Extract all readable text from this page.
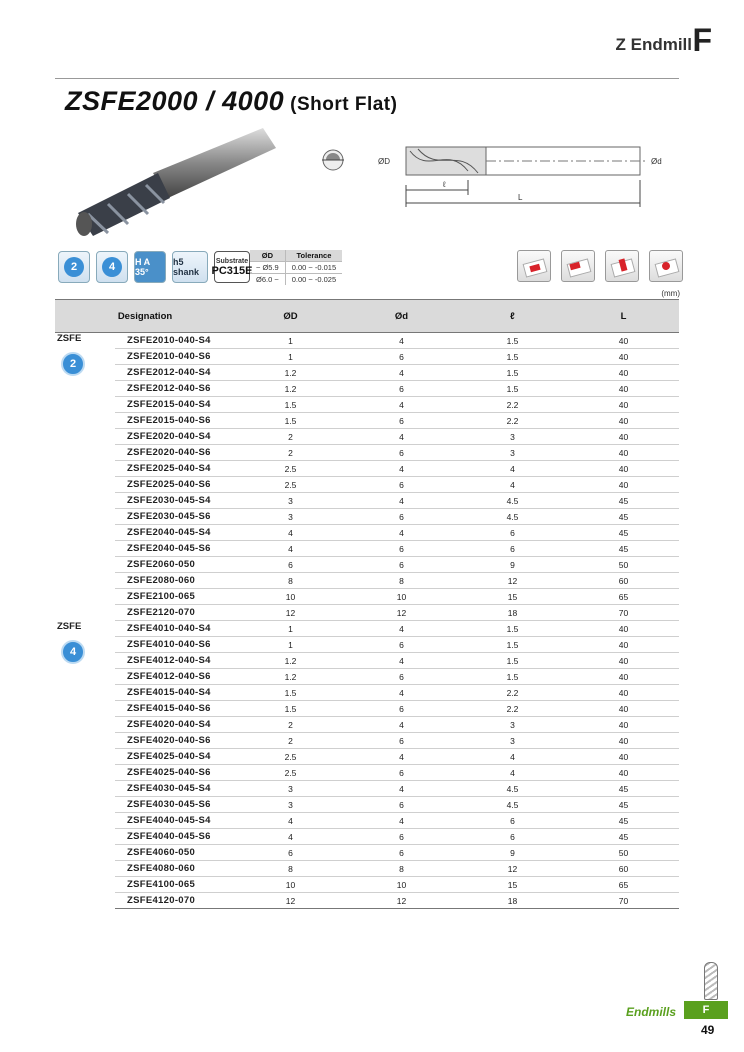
Z Endmill F
ZSFE2000 / 4000 (Short Flat)
ØD	Ød
ℓ
L
2	4	H A 35°
h5 shank
Substrate
PC315E
ØD	Tolerance
~ Ø5.9	0.00 ~ -0.015
Ø6.0 ~	0.00 ~ -0.025
(mm)
Designation		ØD	Ød	ℓ	L

ZSFE
2	ZSFE2010-040-S4	1	4	1.5	40
	ZSFE2010-040-S6	1	6	1.5	40
	ZSFE2012-040-S4	1.2	4	1.5	40
	ZSFE2012-040-S6	1.2	6	1.5	40
	ZSFE2015-040-S4	1.5	4	2.2	40
	ZSFE2015-040-S6	1.5	6	2.2	40
	ZSFE2020-040-S4	2	4	3	40
	ZSFE2020-040-S6	2	6	3	40
	ZSFE2025-040-S4	2.5	4	4	40
	ZSFE2025-040-S6	2.5	6	4	40
	ZSFE2030-045-S4	3	4	4.5	45
	ZSFE2030-045-S6	3	6	4.5	45
	ZSFE2040-045-S4	4	4	6	45
	ZSFE2040-045-S6	4	6	6	45
	ZSFE2060-050	6	6	9	50
	ZSFE2080-060	8	8	12	60
	ZSFE2100-065	10	10	15	65
	ZSFE2120-070	12	12	18	70

ZSFE
4	ZSFE4010-040-S4	1	4	1.5	40
	ZSFE4010-040-S6	1	6	1.5	40
	ZSFE4012-040-S4	1.2	4	1.5	40
	ZSFE4012-040-S6	1.2	6	1.5	40
	ZSFE4015-040-S4	1.5	4	2.2	40
	ZSFE4015-040-S6	1.5	6	2.2	40
	ZSFE4020-040-S4	2	4	3	40
	ZSFE4020-040-S6	2	6	3	40
	ZSFE4025-040-S4	2.5	4	4	40
	ZSFE4025-040-S6	2.5	6	4	40
	ZSFE4030-045-S4	3	4	4.5	45
	ZSFE4030-045-S6	3	6	4.5	45
	ZSFE4040-045-S4	4	4	6	45
	ZSFE4040-045-S6	4	6	6	45
	ZSFE4060-050	6	6	9	50
	ZSFE4080-060	8	8	12	60
	ZSFE4100-065	10	10	15	65
	ZSFE4120-070	12	12	18	70
Endmills	F
49
